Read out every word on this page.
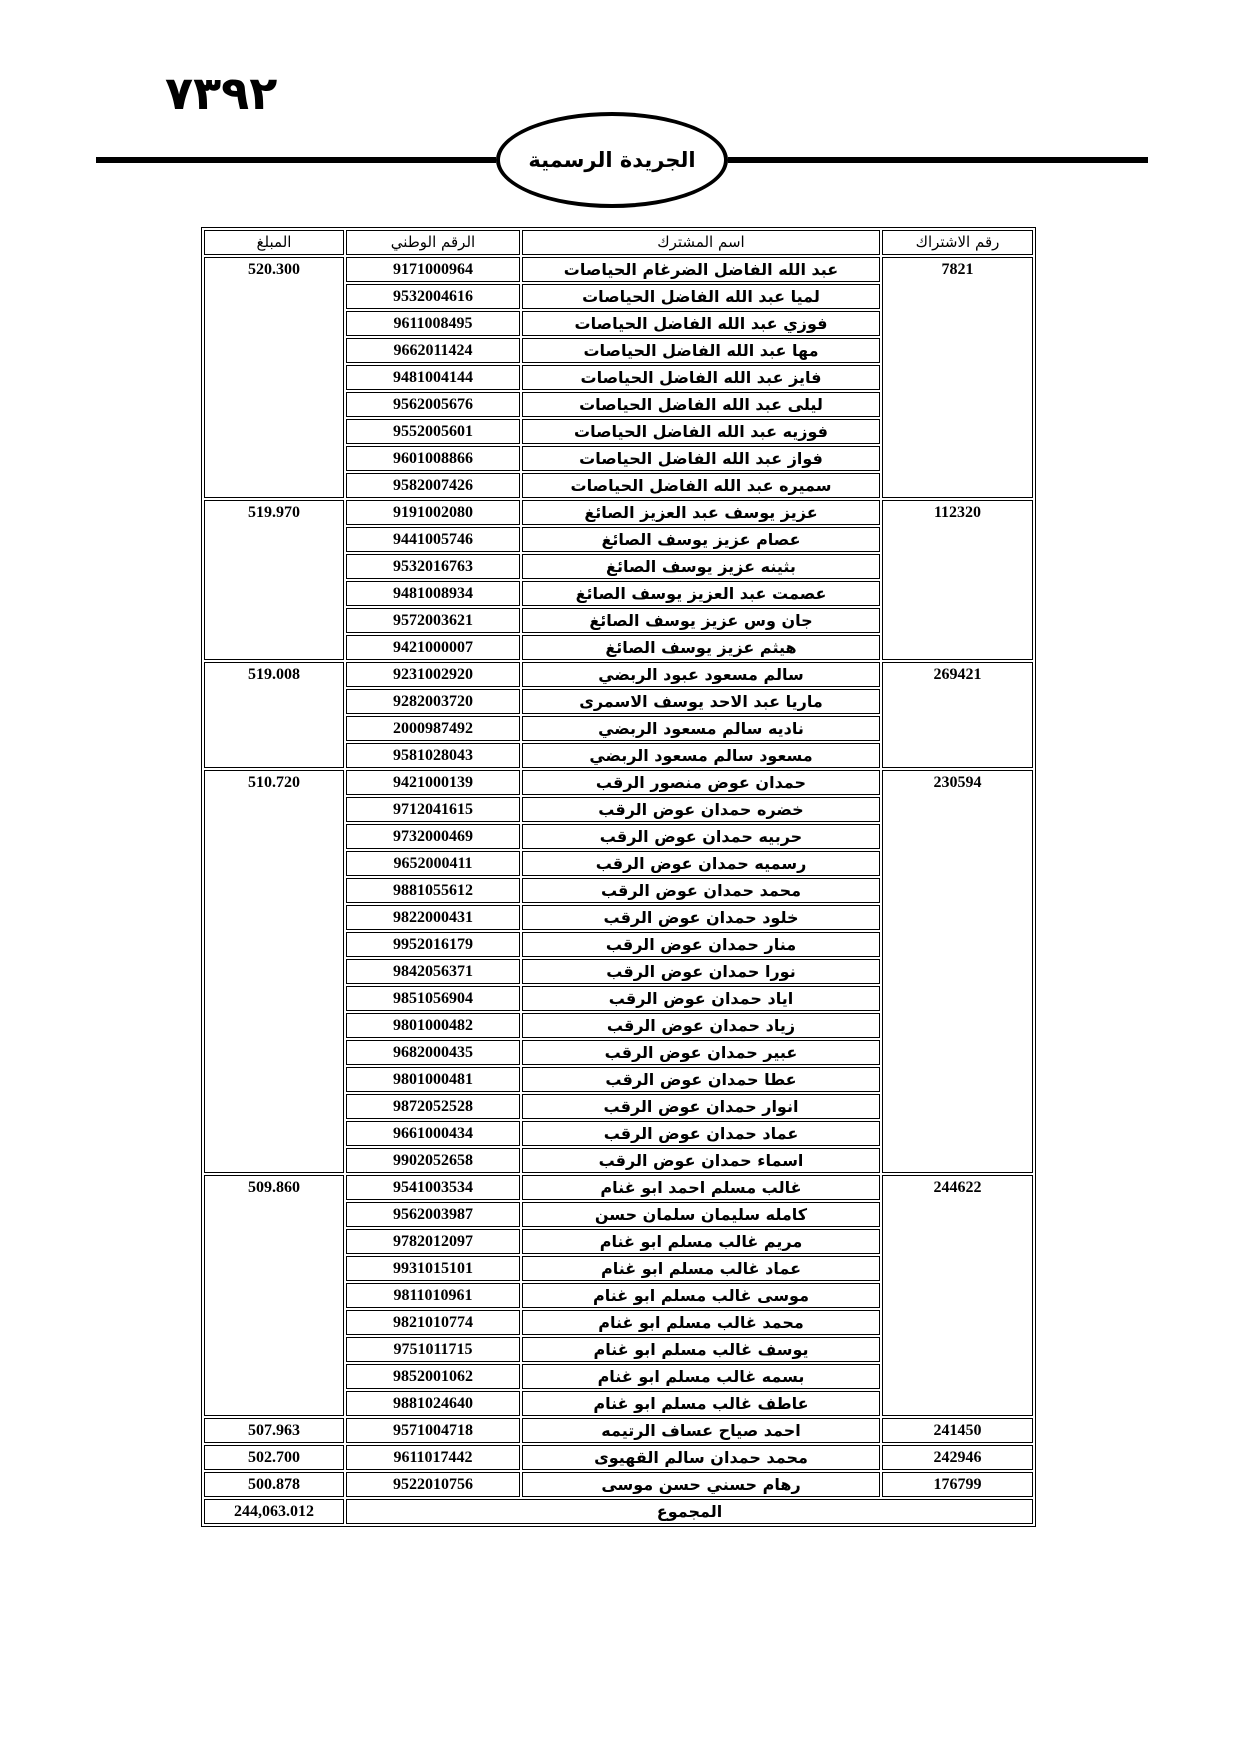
٧٣٩٢
الجريدة الرسمية
المبلغ	الرقم الوطني	اسم المشترك	رقم الاشتراك
520.300	9171000964	عبد الله الفاضل الضرغام الحياصات	7821
	9532004616	لميا عبد الله الفاضل الحياصات	
	9611008495	فوزي عبد الله الفاضل الحياصات	
	9662011424	مها عبد الله الفاضل الحياصات	
	9481004144	فايز عبد الله الفاضل الحياصات	
	9562005676	ليلى عبد الله الفاضل الحياصات	
	9552005601	فوزيه عبد الله الفاضل الحياصات	
	9601008866	فواز عبد الله الفاضل الحياصات	
	9582007426	سميره عبد الله الفاضل الحياصات	
519.970	9191002080	عزيز يوسف عبد العزيز الصائغ	112320
	9441005746	عصام عزيز يوسف الصائغ	
	9532016763	بثينه عزيز يوسف الصائغ	
	9481008934	عصمت عبد العزيز يوسف الصائغ	
	9572003621	جان وس عزيز يوسف الصائغ	
	9421000007	هيثم عزيز يوسف الصائغ	
519.008	9231002920	سالم مسعود عبود الربضي	269421
	9282003720	ماريا عبد الاحد يوسف الاسمرى	
	2000987492	ناديه سالم مسعود الربضي	
	9581028043	مسعود سالم مسعود الربضي	
510.720	9421000139	حمدان عوض منصور الرقب	230594
	9712041615	خضره حمدان عوض الرقب	
	9732000469	حربيه حمدان عوض الرقب	
	9652000411	رسميه حمدان عوض الرقب	
	9881055612	محمد حمدان عوض الرقب	
	9822000431	خلود حمدان عوض الرقب	
	9952016179	منار حمدان عوض الرقب	
	9842056371	نورا حمدان عوض الرقب	
	9851056904	اياد حمدان عوض الرقب	
	9801000482	زياد حمدان عوض الرقب	
	9682000435	عبير حمدان عوض الرقب	
	9801000481	عطا حمدان عوض الرقب	
	9872052528	انوار حمدان عوض الرقب	
	9661000434	عماد حمدان عوض الرقب	
	9902052658	اسماء حمدان عوض الرقب	
509.860	9541003534	غالب مسلم احمد ابو غنام	244622
	9562003987	كامله سليمان سلمان حسن	
	9782012097	مريم غالب مسلم ابو غنام	
	9931015101	عماد غالب مسلم ابو غنام	
	9811010961	موسى غالب مسلم ابو غنام	
	9821010774	محمد غالب مسلم ابو غنام	
	9751011715	يوسف غالب مسلم ابو غنام	
	9852001062	بسمه غالب مسلم ابو غنام	
	9881024640	عاطف غالب مسلم ابو غنام	
507.963	9571004718	احمد صياح عساف الرتيمه	241450
502.700	9611017442	محمد حمدان سالم القهيوى	242946
500.878	9522010756	رهام حسني حسن موسى	176799
244,063.012	المجموع		
